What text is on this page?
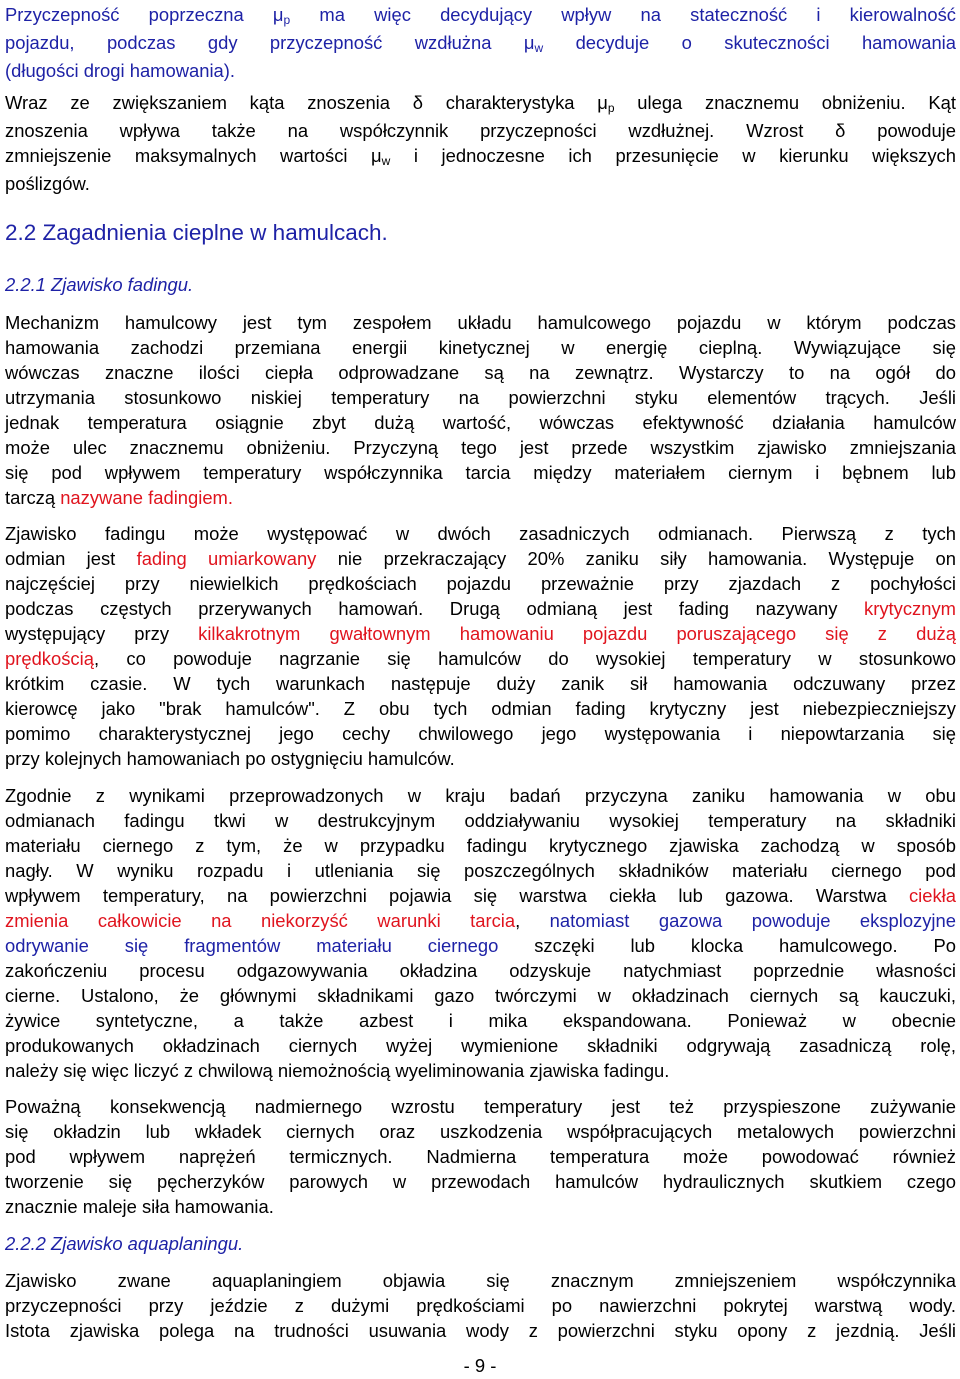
Przyczepność poprzeczna μp ma więc decydujący wpływ na stateczność i kierowalność
pojazdu, podczas gdy przyczepność wzdłużna μw decyduje o skuteczności hamowania
(długości drogi hamowania).
Wraz ze zwiększaniem kąta znoszenia δ charakterystyka μp ulega znacznemu obniżeniu. Kąt
znoszenia wpływa także na współczynnik przyczepności wzdłużnej. Wzrost δ powoduje
zmniejszenie maksymalnych wartości μw i jednoczesne ich przesunięcie w kierunku większych
poślizgów.
2.2 Zagadnienia cieplne w hamulcach.
2.2.1 Zjawisko fadingu.
Mechanizm hamulcowy jest tym zespołem układu hamulcowego pojazdu w którym podczas
hamowania zachodzi przemiana energii kinetycznej w energię cieplną. Wywiązujące się
wówczas znaczne ilości ciepła odprowadzane są na zewnątrz. Wystarczy to na ogół do
utrzymania stosunkowo niskiej temperatury na powierzchni styku elementów trących. Jeśli
jednak temperatura osiągnie zbyt dużą wartość, wówczas efektywność działania hamulców
może ulec znacznemu obniżeniu. Przyczyną tego jest przede wszystkim zjawisko zmniejszania
się pod wpływem temperatury współczynnika tarcia między materiałem ciernym i bębnem lub
tarczą nazywane fadingiem.
Zjawisko fadingu może występować w dwóch zasadniczych odmianach. Pierwszą z tych
odmian jest fading umiarkowany nie przekraczający 20% zaniku siły hamowania. Występuje on
najczęściej przy niewielkich prędkościach pojazdu przeważnie przy zjazdach z pochyłości
podczas częstych przerywanych hamowań. Drugą odmianą jest fading nazywany krytycznym
występujący przy kilkakrotnym gwałtownym hamowaniu pojazdu poruszającego się z dużą
prędkością, co powoduje nagrzanie się hamulców do wysokiej temperatury w stosunkowo
krótkim czasie. W tych warunkach następuje duży zanik sił hamowania odczuwany przez
kierowcę jako "brak hamulców". Z obu tych odmian fading krytyczny jest niebezpieczniejszy
pomimo charakterystycznej jego cechy chwilowego jego występowania i niepowtarzania się
przy kolejnych hamowaniach po ostygnięciu hamulców.
Zgodnie z wynikami przeprowadzonych w kraju badań przyczyna zaniku hamowania w obu
odmianach fadingu tkwi w destrukcyjnym oddziaływaniu wysokiej temperatury na składniki
materiału ciernego z tym, że w przypadku fadingu krytycznego zjawiska zachodzą w sposób
nagły. W wyniku rozpadu i utleniania się poszczególnych składników materiału ciernego pod
wpływem temperatury, na powierzchni pojawia się warstwa ciekła lub gazowa. Warstwa ciekła
zmienia całkowicie na niekorzyść warunki tarcia, natomiast gazowa powoduje eksplozyjne
odrywanie się fragmentów materiału ciernego szczęki lub klocka hamulcowego. Po
zakończeniu procesu odgazowywania okładzina odzyskuje natychmiast poprzednie własności
cierne. Ustalono, że głównymi składnikami gazo twórczymi w okładzinach ciernych są kauczuki,
żywice syntetyczne, a także azbest i mika ekspandowana. Ponieważ w obecnie
produkowanych okładzinach ciernych wyżej wymienione składniki odgrywają zasadniczą rolę,
należy się więc liczyć z chwilową niemożnością wyeliminowania zjawiska fadingu.
Poważną konsekwencją nadmiernego wzrostu temperatury jest też przyspieszone zużywanie
się okładzin lub wkładek ciernych oraz uszkodzenia współpracujących metalowych powierzchni
pod wpływem naprężeń termicznych. Nadmierna temperatura może powodować również
tworzenie się pęcherzyków parowych w przewodach hamulców hydraulicznych skutkiem czego
znacznie maleje siła hamowania.
2.2.2 Zjawisko aquaplaningu.
Zjawisko zwane aquaplaningiem objawia się znacznym zmniejszeniem współczynnika
przyczepności przy jeździe z dużymi prędkościami po nawierzchni pokrytej warstwą wody.
Istota zjawiska polega na trudności usuwania wody z powierzchni styku opony z jezdnią. Jeśli
- 9 -
